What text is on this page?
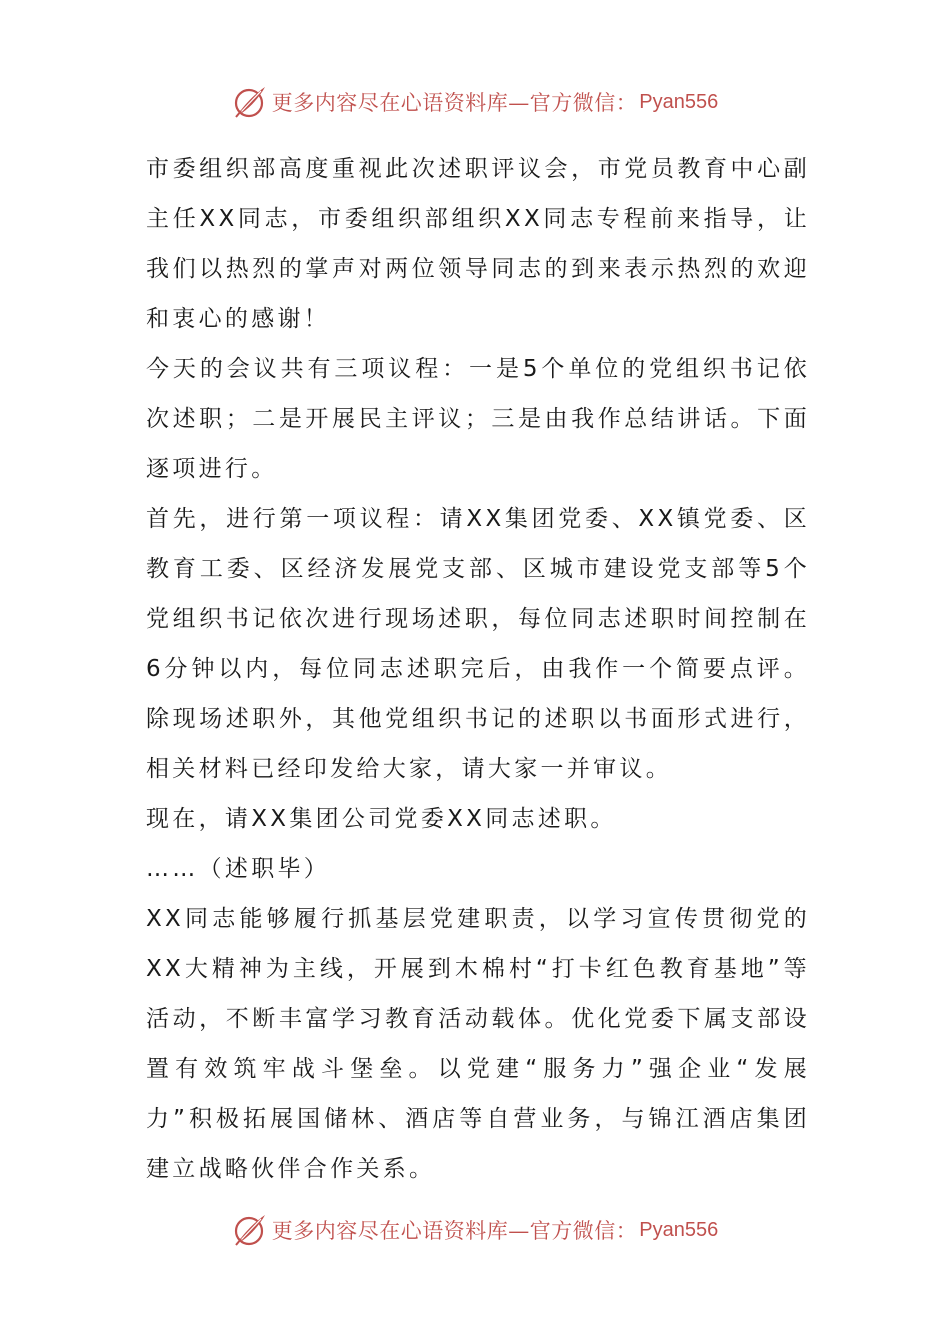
更多内容尽在心语资料库—官方微信： Pyan556

市委组织部高度重视此次述职评议会，市党员教育中心副主任XX同志，市委组织部组织XX同志专程前来指导，让我们以热烈的掌声对两位领导同志的到来表示热烈的欢迎和衷心的感谢！

今天的会议共有三项议程：一是5个单位的党组织书记依次述职；二是开展民主评议；三是由我作总结讲话。下面逐项进行。

首先，进行第一项议程：请XX集团党委、XX镇党委、区教育工委、区经济发展党支部、区城市建设党支部等5个党组织书记依次进行现场述职，每位同志述职时间控制在6分钟以内，每位同志述职完后，由我作一个简要点评。除现场述职外，其他党组织书记的述职以书面形式进行，相关材料已经印发给大家，请大家一并审议。

现在，请XX集团公司党委XX同志述职。

……（述职毕）

XX同志能够履行抓基层党建职责，以学习宣传贯彻党的XX大精神为主线，开展到木棉村“打卡红色教育基地”等活动，不断丰富学习教育活动载体。优化党委下属支部设置有效筑牢战斗堡垒。以党建“服务力”强企业“发展力”积极拓展国储林、酒店等自营业务，与锦江酒店集团建立战略伙伴合作关系。

更多内容尽在心语资料库—官方微信： Pyan556
